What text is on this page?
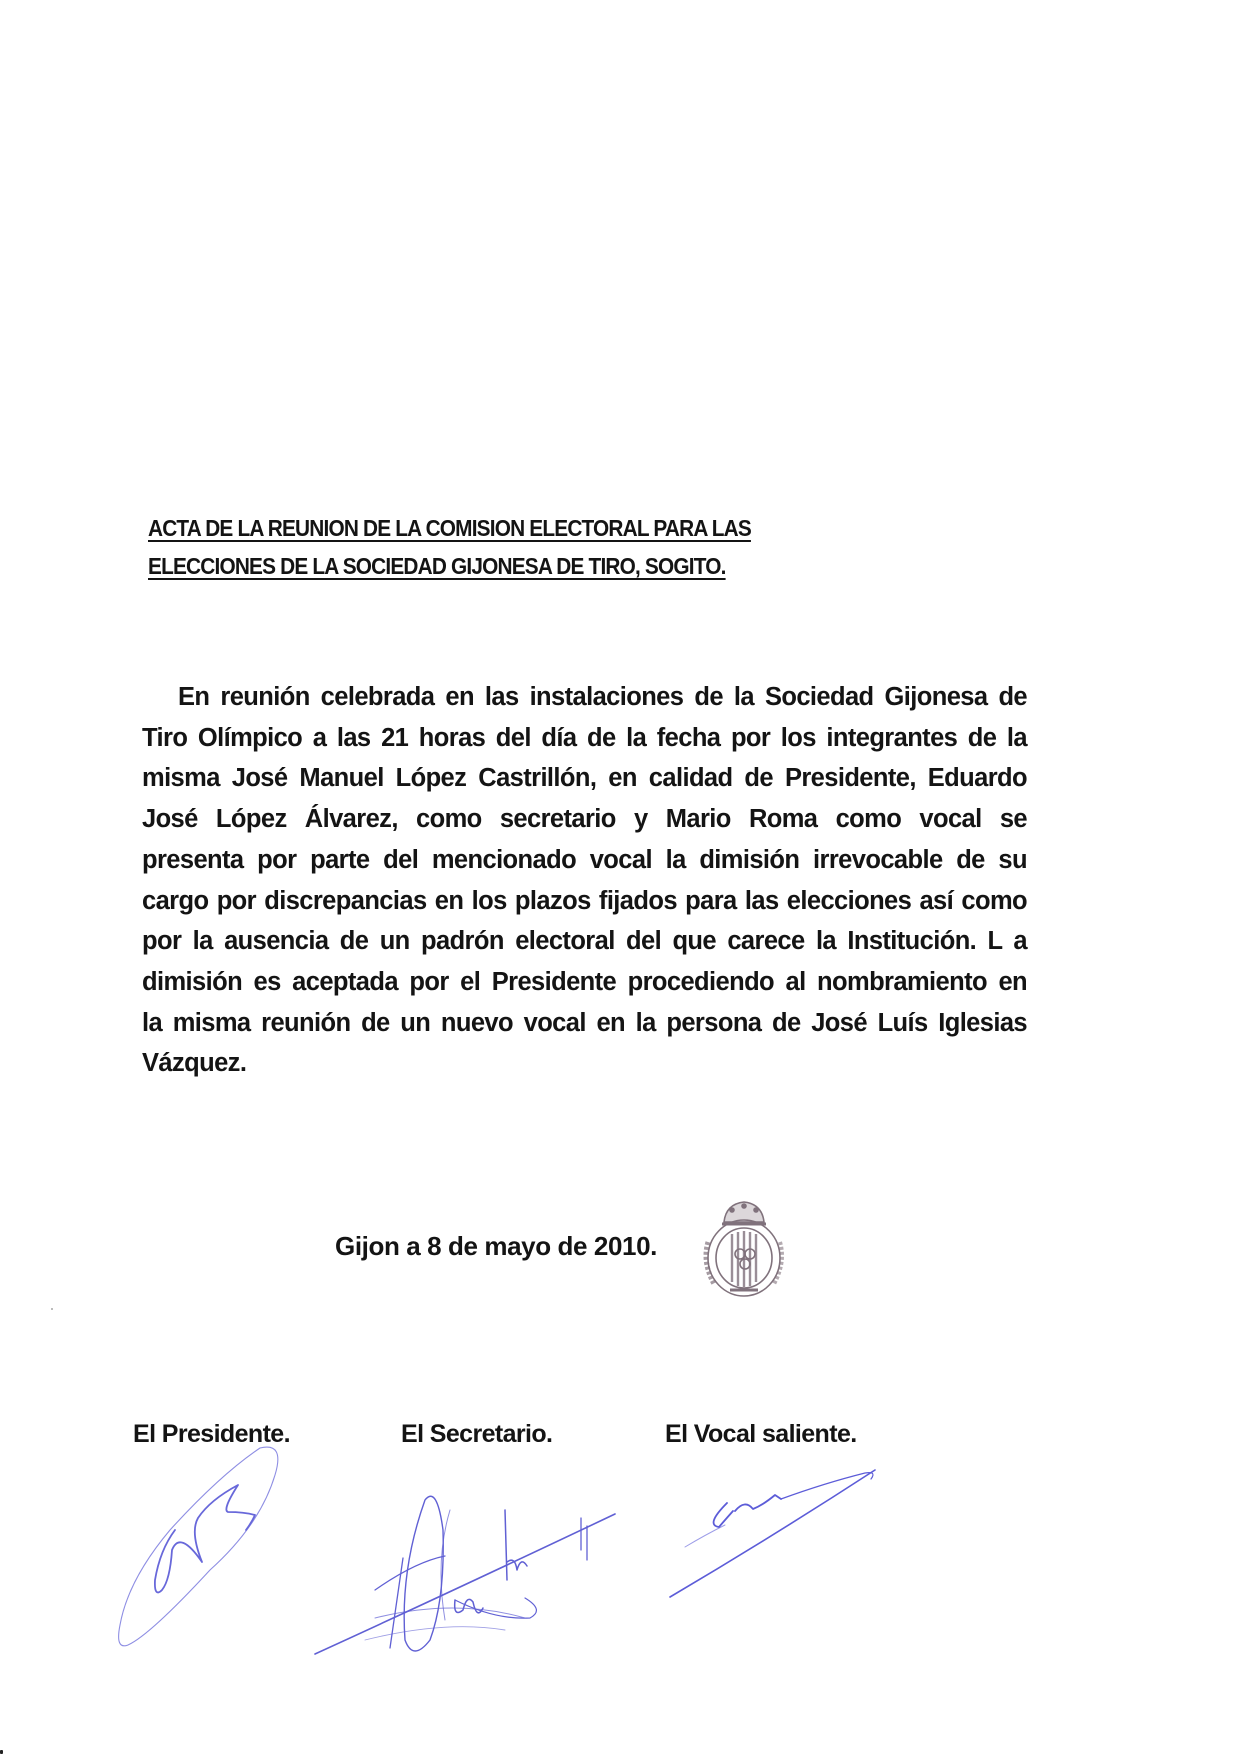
ACTA DE LA REUNION DE LA COMISION ELECTORAL PARA LAS
ELECCIONES DE LA SOCIEDAD GIJONESA DE TIRO, SOGITO.
En reunión celebrada en las instalaciones de la Sociedad Gijonesa de
Tiro Olímpico a las 21 horas del día de la fecha por los integrantes de la
misma José Manuel López Castrillón, en calidad de Presidente, Eduardo
José López Álvarez, como secretario y Mario Roma como vocal se
presenta por parte del mencionado vocal la dimisión irrevocable de su
cargo por discrepancias en los plazos fijados para las elecciones así como
por la ausencia de un padrón electoral del que carece la Institución. L a
dimisión es aceptada por el Presidente procediendo al nombramiento en
la misma reunión de un nuevo vocal en la persona de José Luís Iglesias
Vázquez.
Gijon a 8 de mayo de 2010.
El Presidente.	El Secretario.	El Vocal saliente.
